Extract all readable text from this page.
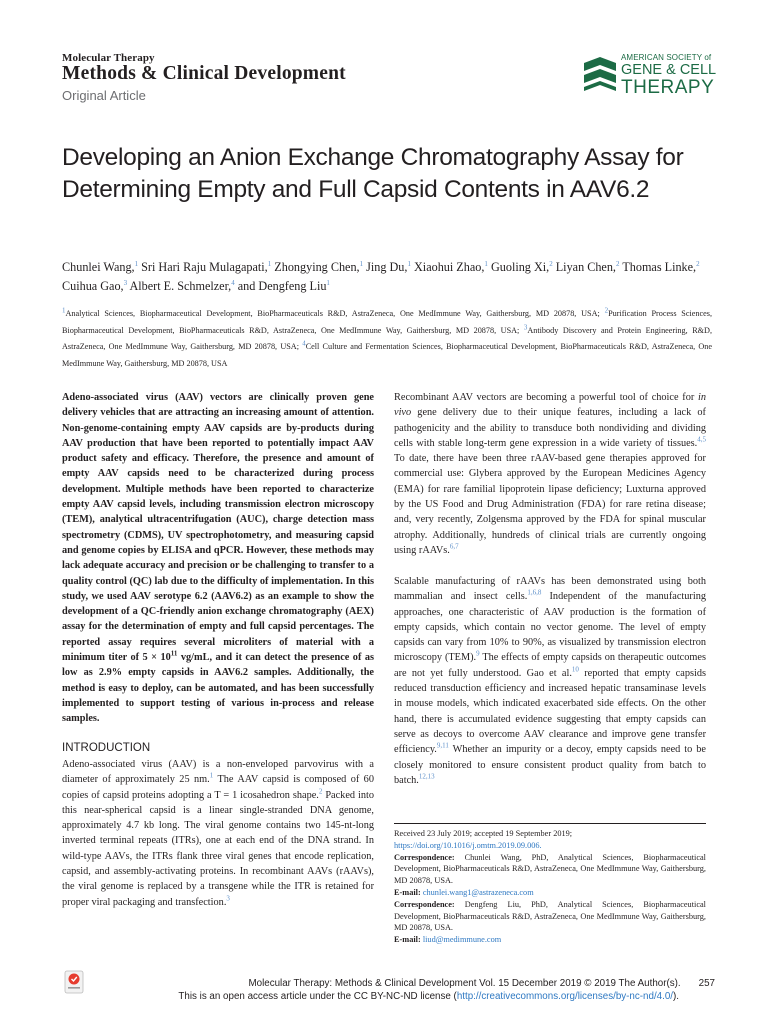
Molecular Therapy
Methods & Clinical Development
Original Article
AMERICAN SOCIETY of
GENE & CELL
THERAPY
Developing an Anion Exchange Chromatography Assay for Determining Empty and Full Capsid Contents in AAV6.2
Chunlei Wang,$^1$ Sri Hari Raju Mulagapati,$^1$ Zhongying Chen,$^1$ Jing Du,$^1$ Xiaohui Zhao,$^1$ Guoling Xi,$^2$ Liyan Chen,$^2$ Thomas Linke,$^2$ Cuihua Gao,$^3$ Albert E. Schmelzer,$^4$ and Dengfeng Liu$^1$
$^1$Analytical Sciences, Biopharmaceutical Development, BioPharmaceuticals R&D, AstraZeneca, One MedImmune Way, Gaithersburg, MD 20878, USA; $^2$Purification Process Sciences, Biopharmaceutical Development, BioPharmaceuticals R&D, AstraZeneca, One MedImmune Way, Gaithersburg, MD 20878, USA; $^3$Antibody Discovery and Protein Engineering, R&D, AstraZeneca, One MedImmune Way, Gaithersburg, MD 20878, USA; $^4$Cell Culture and Fermentation Sciences, Biopharmaceutical Development, BioPharmaceuticals R&D, AstraZeneca, One MedImmune Way, Gaithersburg, MD 20878, USA

Adeno-associated virus (AAV) vectors are clinically proven gene delivery vehicles that are attracting an increasing amount of attention. Non-genome-containing empty AAV capsids are by-products during AAV production that have been reported to potentially impact AAV product safety and efficacy. Therefore, the presence and amount of empty AAV capsids need to be characterized during process development. Multiple methods have been reported to characterize empty AAV capsid levels, including transmission electron microscopy (TEM), analytical ultracentrifugation (AUC), charge detection mass spectrometry (CDMS), UV spectrophotometry, and measuring capsid and genome copies by ELISA and qPCR. However, these methods may lack adequate accuracy and precision or be challenging to transfer to a quality control (QC) lab due to the difficulty of implementation. In this study, we used AAV serotype 6.2 (AAV6.2) as an example to show the development of a QC-friendly anion exchange chromatography (AEX) assay for the determination of empty and full capsid percentages. The reported assay requires several microliters of material with a minimum titer of $5 \times 10^{11}$ vg/mL, and it can detect the presence of as low as 2.9% empty capsids in AAV6.2 samples. Additionally, the method is easy to deploy, can be automated, and has been successfully implemented to support testing of various in-process and release samples.

INTRODUCTION

Adeno-associated virus (AAV) is a non-enveloped parvovirus with a diameter of approximately 25 nm.$^1$ The AAV capsid is composed of 60 copies of capsid proteins adopting a T = 1 icosahedron shape.$^2$ Packed into this near-spherical capsid is a linear single-stranded DNA genome, approximately 4.7 kb long. The viral genome contains two 145-nt-long inverted terminal repeats (ITRs), one at each end of the DNA strand. In wild-type AAVs, the ITRs flank three viral genes that encode replication, capsid, and assembly-activating proteins. In recombinant AAVs (rAAVs), the viral genome is replaced by a transgene while the ITR is retained for proper viral packaging and transfection.$^3$

Recombinant AAV vectors are becoming a powerful tool of choice for in vivo gene delivery due to their unique features, including a lack of pathogenicity and the ability to transduce both nondividing and dividing cells with stable long-term gene expression in a wide variety of tissues.$^{4,5}$ To date, there have been three rAAV-based gene therapies approved for commercial use: Glybera approved by the European Medicines Agency (EMA) for rare familial lipoprotein lipase deficiency; Luxturna approved by the US Food and Drug Administration (FDA) for rare retina disease; and, very recently, Zolgensma approved by the FDA for spinal muscular atrophy. Additionally, hundreds of clinical trials are currently ongoing using rAAVs.$^{6,7}$

Scalable manufacturing of rAAVs has been demonstrated using both mammalian and insect cells.$^{1,6,8}$ Independent of the manufacturing approaches, one characteristic of AAV production is the formation of empty capsids, which contain no vector genome. The level of empty capsids can vary from 10% to 90%, as visualized by transmission electron microscopy (TEM).$^9$ The effects of empty capsids on therapeutic outcomes are not yet fully understood. Gao et al.$^{10}$ reported that empty capsids reduced transduction efficiency and increased hepatic transaminase levels in mouse models, which indicated exacerbated side effects. On the other hand, there is accumulated evidence suggesting that empty capsids can serve as decoys to overcome AAV clearance and improve gene transfer efficiency.$^{9,11}$ Whether an impurity or a decoy, empty capsids need to be closely monitored to ensure consistent product quality from batch to batch.$^{12,13}$

Received 23 July 2019; accepted 19 September 2019;

https://doi.org/10.1016/j.omtm.2019.09.006.

Correspondence: Chunlei Wang, PhD, Analytical Sciences, Biopharmaceutical Development, BioPharmaceuticals R&D, AstraZeneca, One MedImmune Way, Gaithersburg, MD 20878, USA.

E-mail: chunlei.wang1@astrazeneca.com

Correspondence: Dengfeng Liu, PhD, Analytical Sciences, Biopharmaceutical Development, BioPharmaceuticals R&D, AstraZeneca, One MedImmune Way, Gaithersburg, MD 20878, USA.

E-mail: liud@medimmune.com

Molecular Therapy: Methods & Clinical Development Vol. 15 December 2019 © 2019 The Author(s). 257
This is an open access article under the CC BY-NC-ND license (http://creativecommons.org/licenses/by-nc-nd/4.0/).
